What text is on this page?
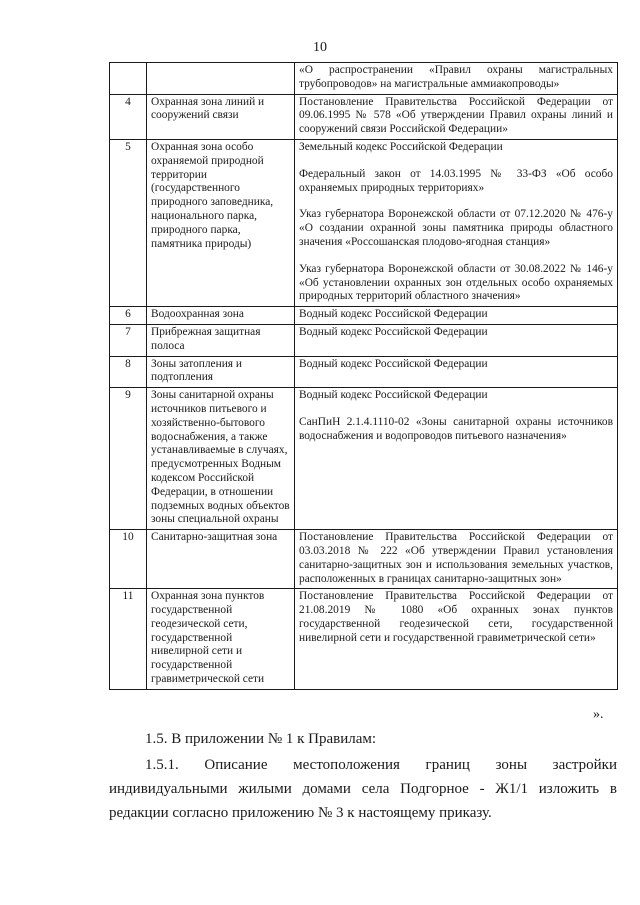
10

		«О распространении «Правил охраны магистральных трубопроводов» на магистральные аммиакопроводы»

4	Охранная зона линий и сооружений связи	Постановление Правительства Российской Федерации от 09.06.1995 № 578 «Об утверждении Правил охраны линий и сооружений связи Российской Федерации»

5	Охранная зона особо охраняемой природной территории (государственного природного заповедника, национального парка, природного парка, памятника природы)	Земельный кодекс Российской Федерации
Федеральный закон от 14.03.1995 № 33-ФЗ «Об особо охраняемых природных территориях»
Указ губернатора Воронежской области от 07.12.2020 № 476-у «О создании охранной зоны памятника природы областного значения «Россошанская плодово-ягодная станция»
Указ губернатора Воронежской области от 30.08.2022 № 146-у «Об установлении охранных зон отдельных особо охраняемых природных территорий областного значения»

6	Водоохранная зона	Водный кодекс Российской Федерации

7	Прибрежная защитная полоса	Водный кодекс Российской Федерации

8	Зоны затопления и подтопления	Водный кодекс Российской Федерации

9	Зоны санитарной охраны источников питьевого и хозяйственно-бытового водоснабжения, а также устанавливаемые в случаях, предусмотренных Водным кодексом Российской Федерации, в отношении подземных водных объектов зоны специальной охраны	Водный кодекс Российской Федерации
СанПиН 2.1.4.1110-02 «Зоны санитарной охраны источников водоснабжения и водопроводов питьевого назначения»

10	Санитарно-защитная зона	Постановление Правительства Российской Федерации от 03.03.2018 № 222 «Об утверждении Правил установления санитарно-защитных зон и использования земельных участков, расположенных в границах санитарно-защитных зон»

11	Охранная зона пунктов государственной геодезической сети, государственной нивелирной сети и государственной гравиметрической сети	Постановление Правительства Российской Федерации от 21.08.2019 № 1080 «Об охранных зонах пунктов государственной геодезической сети, государственной нивелирной сети и государственной гравиметрической сети»
».
1.5. В приложении № 1 к Правилам:
1.5.1. Описание местоположения границ зоны застройки индивидуальными жилыми домами села Подгорное - Ж1/1 изложить в редакции согласно приложению № 3 к настоящему приказу.
